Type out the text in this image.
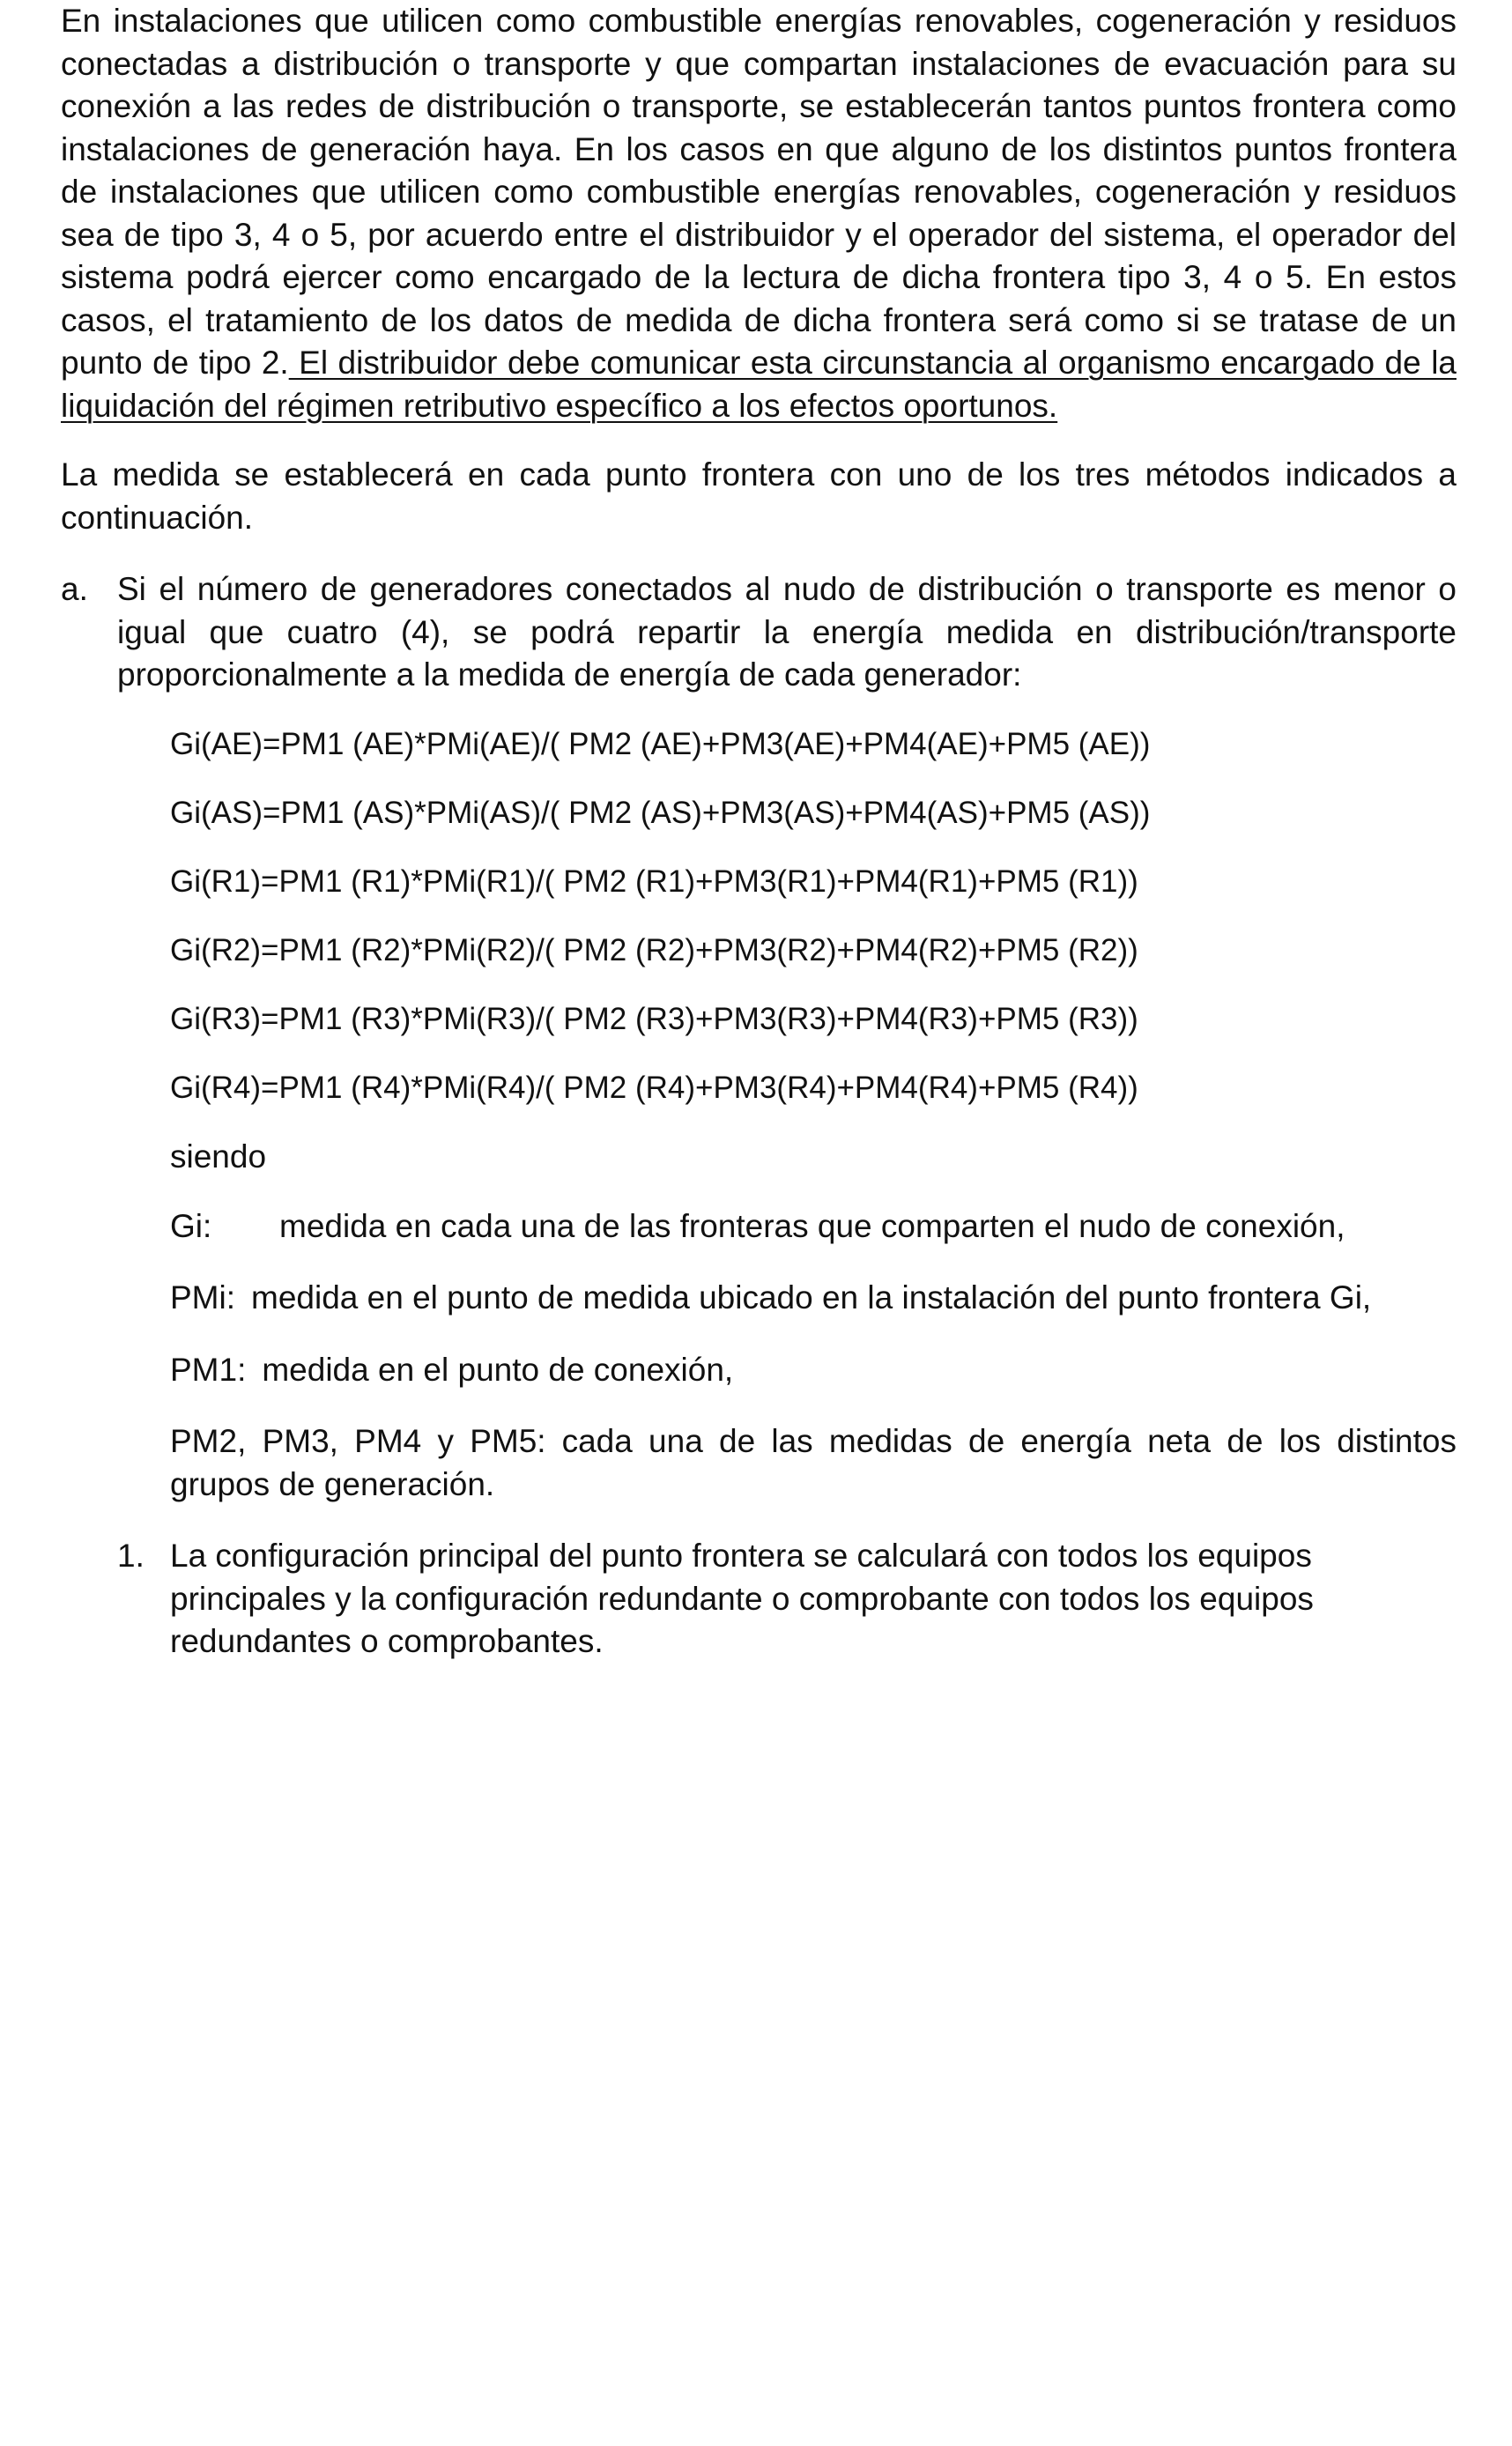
En instalaciones que utilicen como combustible energías renovables, cogeneración y residuos conectadas a distribución o transporte y que compartan instalaciones de evacuación para su conexión a las redes de distribución o transporte, se establecerán tantos puntos frontera como instalaciones de generación haya. En los casos en que alguno de los distintos puntos frontera de instalaciones que utilicen como combustible energías renovables, cogeneración y residuos sea de tipo 3, 4 o 5, por acuerdo entre el distribuidor y el operador del sistema, el operador del sistema podrá ejercer como encargado de la lectura de dicha frontera tipo 3, 4 o 5. En estos casos, el tratamiento de los datos de medida de dicha frontera será como si se tratase de un punto de tipo 2. El distribuidor debe comunicar esta circunstancia al organismo encargado de la liquidación del régimen retributivo específico a los efectos oportunos.

La medida se establecerá en cada punto frontera con uno de los tres métodos indicados a continuación.

a. Si el número de generadores conectados al nudo de distribución o transporte es menor o igual que cuatro (4), se podrá repartir la energía medida en distribución/transporte proporcionalmente a la medida de energía de cada generador:

Gi(AE)=PM1 (AE)*PMi(AE)/( PM2 (AE)+PM3(AE)+PM4(AE)+PM5 (AE))

Gi(AS)=PM1 (AS)*PMi(AS)/( PM2 (AS)+PM3(AS)+PM4(AS)+PM5 (AS))

Gi(R1)=PM1 (R1)*PMi(R1)/( PM2 (R1)+PM3(R1)+PM4(R1)+PM5 (R1))

Gi(R2)=PM1 (R2)*PMi(R2)/( PM2 (R2)+PM3(R2)+PM4(R2)+PM5 (R2))

Gi(R3)=PM1 (R3)*PMi(R3)/( PM2 (R3)+PM3(R3)+PM4(R3)+PM5 (R3))

Gi(R4)=PM1 (R4)*PMi(R4)/( PM2 (R4)+PM3(R4)+PM4(R4)+PM5 (R4))

siendo

Gi:	medida en cada una de las fronteras que comparten el nudo de conexión,

PMi: medida en el punto de medida ubicado en la instalación del punto frontera Gi,

PM1: medida en el punto de conexión,

PM2, PM3, PM4 y PM5: cada una de las medidas de energía neta de los distintos grupos de generación.

1. La configuración principal del punto frontera se calculará con todos los equipos principales y la configuración redundante o comprobante con todos los equipos redundantes o comprobantes.
